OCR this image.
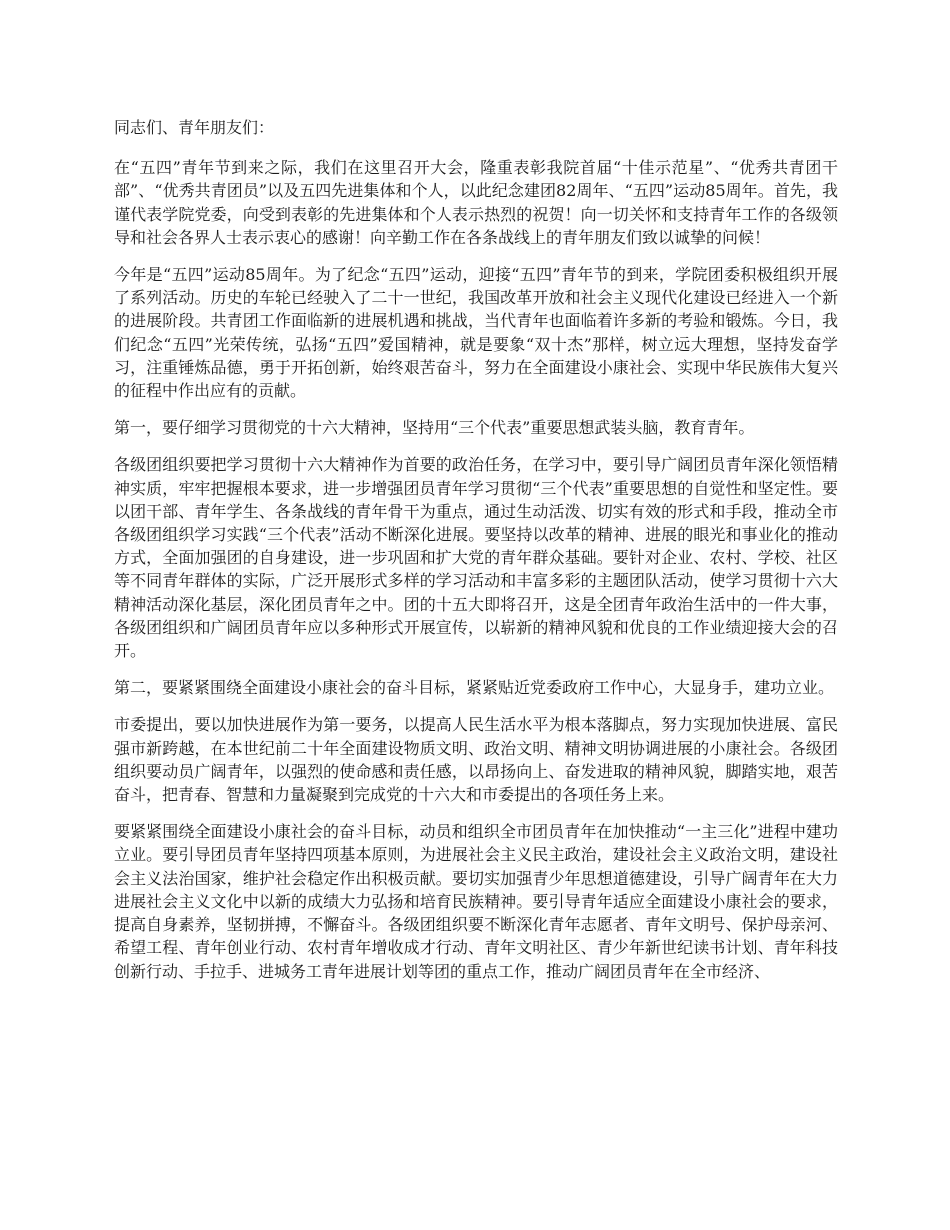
同志们、青年朋友们：

在“五四”青年节到来之际，我们在这里召开大会，隆重表彰我院首届“十佳示范星”、“优秀共青团干部”、“优秀共青团员”以及五四先进集体和个人，以此纪念建团82周年、“五四”运动85周年。首先，我谨代表学院党委，向受到表彰的先进集体和个人表示热烈的祝贺！向一切关怀和支持青年工作的各级领导和社会各界人士表示衷心的感谢！向辛勤工作在各条战线上的青年朋友们致以诚挚的问候！

今年是“五四”运动85周年。为了纪念“五四”运动，迎接“五四”青年节的到来，学院团委积极组织开展了系列活动。历史的车轮已经驶入了二十一世纪，我国改革开放和社会主义现代化建设已经进入一个新的进展阶段。共青团工作面临新的进展机遇和挑战，当代青年也面临着许多新的考验和锻炼。今日，我们纪念“五四”光荣传统，弘扬“五四”爱国精神，就是要象“双十杰”那样，树立远大理想，坚持发奋学习，注重锤炼品德，勇于开拓创新，始终艰苦奋斗，努力在全面建设小康社会、实现中华民族伟大复兴的征程中作出应有的贡献。

第一，要仔细学习贯彻党的十六大精神，坚持用“三个代表”重要思想武装头脑，教育青年。

各级团组织要把学习贯彻十六大精神作为首要的政治任务，在学习中，要引导广阔团员青年深化领悟精神实质，牢牢把握根本要求，进一步增强团员青年学习贯彻“三个代表”重要思想的自觉性和坚定性。要以团干部、青年学生、各条战线的青年骨干为重点，通过生动活泼、切实有效的形式和手段，推动全市各级团组织学习实践“三个代表”活动不断深化进展。要坚持以改革的精神、进展的眼光和事业化的推动方式，全面加强团的自身建设，进一步巩固和扩大党的青年群众基础。要针对企业、农村、学校、社区等不同青年群体的实际，广泛开展形式多样的学习活动和丰富多彩的主题团队活动，使学习贯彻十六大精神活动深化基层，深化团员青年之中。团的十五大即将召开，这是全团青年政治生活中的一件大事，各级团组织和广阔团员青年应以多种形式开展宣传，以崭新的精神风貌和优良的工作业绩迎接大会的召开。

第二，要紧紧围绕全面建设小康社会的奋斗目标，紧紧贴近党委政府工作中心，大显身手，建功立业。

市委提出，要以加快进展作为第一要务，以提高人民生活水平为根本落脚点，努力实现加快进展、富民强市新跨越，在本世纪前二十年全面建设物质文明、政治文明、精神文明协调进展的小康社会。各级团组织要动员广阔青年，以强烈的使命感和责任感，以昂扬向上、奋发进取的精神风貌，脚踏实地，艰苦奋斗，把青春、智慧和力量凝聚到完成党的十六大和市委提出的各项任务上来。

要紧紧围绕全面建设小康社会的奋斗目标，动员和组织全市团员青年在加快推动“一主三化”进程中建功立业。要引导团员青年坚持四项基本原则，为进展社会主义民主政治，建设社会主义政治文明，建设社会主义法治国家，维护社会稳定作出积极贡献。要切实加强青少年思想道德建设，引导广阔青年在大力进展社会主义文化中以新的成绩大力弘扬和培育民族精神。要引导青年适应全面建设小康社会的要求，提高自身素养，坚韧拼搏，不懈奋斗。各级团组织要不断深化青年志愿者、青年文明号、保护母亲河、希望工程、青年创业行动、农村青年增收成才行动、青年文明社区、青少年新世纪读书计划、青年科技创新行动、手拉手、进城务工青年进展计划等团的重点工作，推动广阔团员青年在全市经济、
